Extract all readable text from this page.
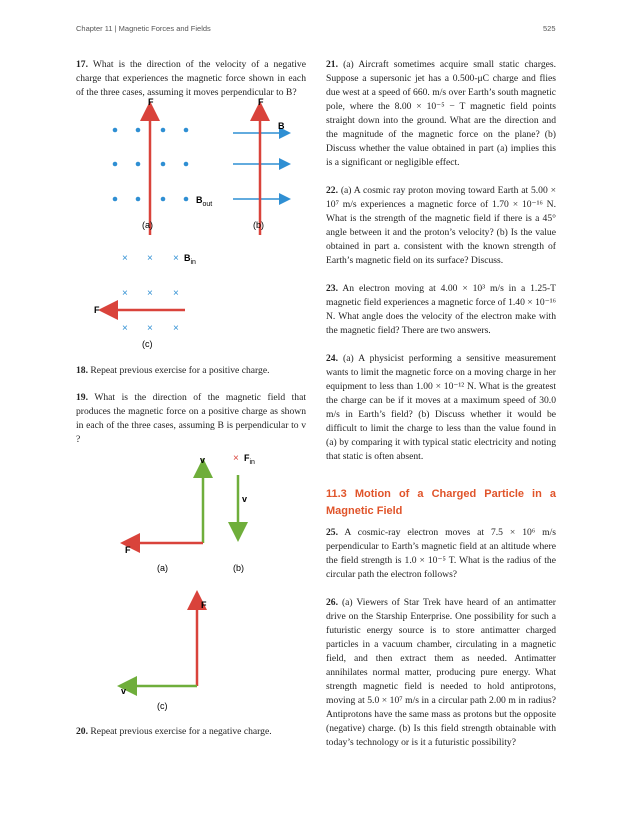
Chapter 11 | Magnetic Forces and Fields	525

17. What is the direction of the velocity of a negative charge that experiences the magnetic force shown in each of the three cases, assuming it moves perpendicular to B?

F
$B_{out}$
(a)
F
B
(b)
× × ×
× × ×
× × ×
$B_{in}$
F
(c)

18. Repeat previous exercise for a positive charge.

19. What is the direction of the magnetic field that produces the magnetic force on a positive charge as shown in each of the three cases, assuming B is perpendicular to v ?

v
F
(a)
× $F_{in}$
v
(b)
F
v
(c)

20. Repeat previous exercise for a negative charge.

21. (a) Aircraft sometimes acquire small static charges. Suppose a supersonic jet has a 0.500-μC charge and flies due west at a speed of 660. m/s over Earth’s south magnetic pole, where the 8.00 × 10⁻⁵ − T magnetic field points straight down into the ground. What are the direction and the magnitude of the magnetic force on the plane? (b) Discuss whether the value obtained in part (a) implies this is a significant or negligible effect.

22. (a) A cosmic ray proton moving toward Earth at 5.00 × 10⁷ m/s experiences a magnetic force of 1.70 × 10⁻¹⁶ N. What is the strength of the magnetic field if there is a 45° angle between it and the proton’s velocity? (b) Is the value obtained in part a. consistent with the known strength of Earth’s magnetic field on its surface? Discuss.

23. An electron moving at 4.00 × 10³ m/s in a 1.25-T magnetic field experiences a magnetic force of 1.40 × 10⁻¹⁶ N. What angle does the velocity of the electron make with the magnetic field? There are two answers.

24. (a) A physicist performing a sensitive measurement wants to limit the magnetic force on a moving charge in her equipment to less than 1.00 × 10⁻¹² N. What is the greatest the charge can be if it moves at a maximum speed of 30.0 m/s in Earth’s field? (b) Discuss whether it would be difficult to limit the charge to less than the value found in (a) by comparing it with typical static electricity and noting that static is often absent.

11.3 Motion of a Charged Particle in a Magnetic Field

25. A cosmic-ray electron moves at 7.5 × 10⁶ m/s perpendicular to Earth’s magnetic field at an altitude where the field strength is 1.0 × 10⁻⁵ T. What is the radius of the circular path the electron follows?

26. (a) Viewers of Star Trek have heard of an antimatter drive on the Starship Enterprise. One possibility for such a futuristic energy source is to store antimatter charged particles in a vacuum chamber, circulating in a magnetic field, and then extract them as needed. Antimatter annihilates normal matter, producing pure energy. What strength magnetic field is needed to hold antiprotons, moving at 5.0 × 10⁷ m/s in a circular path 2.00 m in radius? Antiprotons have the same mass as protons but the opposite (negative) charge. (b) Is this field strength obtainable with today’s technology or is it a futuristic possibility?
